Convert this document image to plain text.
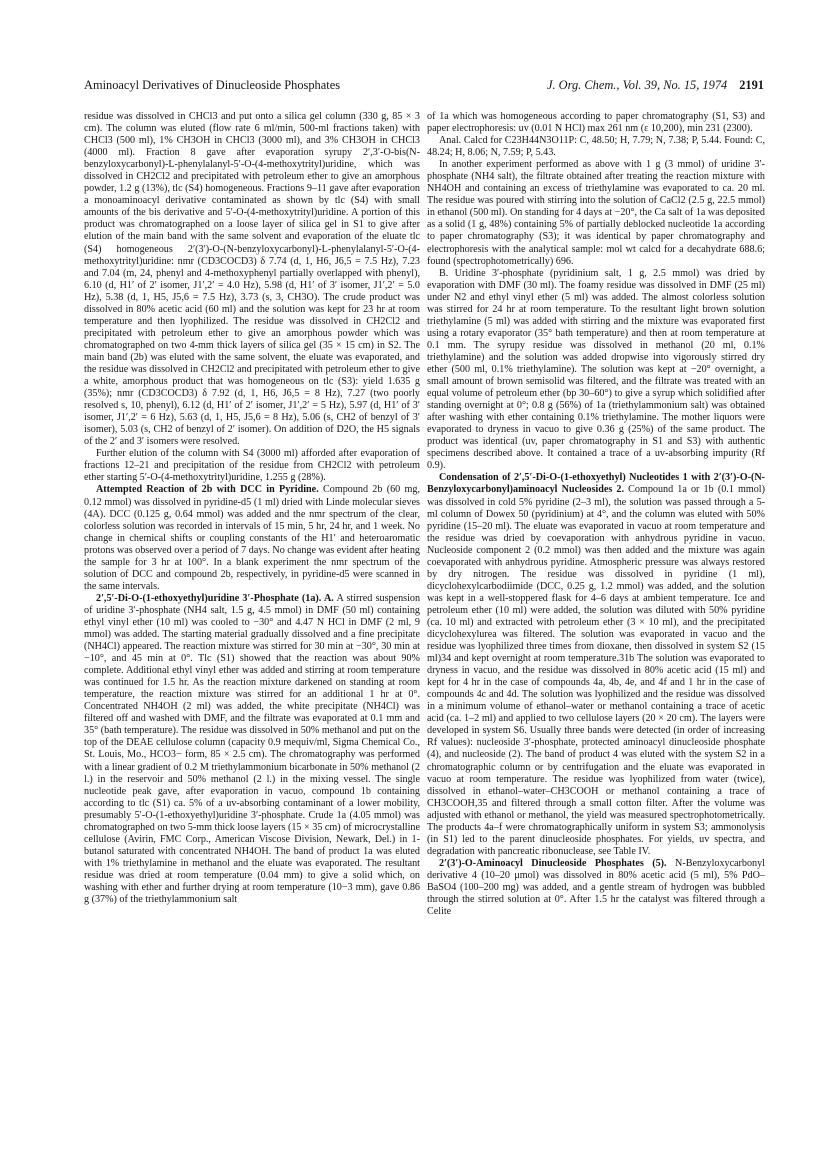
Aminoacyl Derivatives of Dinucleoside Phosphates	J. Org. Chem., Vol. 39, No. 15, 1974 2191

residue was dissolved in CHCl3 and put onto a silica gel column (330 g, 85 × 3 cm). The column was eluted (flow rate 6 ml/min, 500-ml fractions taken) with CHCl3 (500 ml), 1% CH3OH in CHCl3 (3000 ml), and 3% CH3OH in CHCl3 (4000 ml). Fraction 8 gave after evaporation syrupy 2′,3′-O-bis(N-benzyloxycarbonyl)-L-phenylalanyl-5′-O-(4-methoxytrityl)uridine, which was dissolved in CH2Cl2 and precipitated with petroleum ether to give an amorphous powder, 1.2 g (13%), tlc (S4) homogeneous. Fractions 9–11 gave after evaporation a monoaminoacyl derivative contaminated as shown by tlc (S4) with small amounts of the bis derivative and 5′-O-(4-methoxytrityl)uridine. A portion of this product was chromatographed on a loose layer of silica gel in S1 to give after elution of the main band with the same solvent and evaporation of the eluate tlc (S4) homogeneous 2′(3′)-O-(N-benzyloxycarbonyl)-L-phenylalanyl-5′-O-(4-methoxytrityl)uridine: nmr (CD3COCD3) δ 7.74 (d, 1, H6, J6,5 = 7.5 Hz), 7.23 and 7.04 (m, 24, phenyl and 4-methoxyphenyl partially overlapped with phenyl), 6.10 (d, H1′ of 2′ isomer, J1′,2′ = 4.0 Hz), 5.98 (d, H1′ of 3′ isomer, J1′,2′ = 5.0 Hz), 5.38 (d, 1, H5, J5,6 = 7.5 Hz), 3.73 (s, 3, CH3O). The crude product was dissolved in 80% acetic acid (60 ml) and the solution was kept for 23 hr at room temperature and then lyophilized. The residue was dissolved in CH2Cl2 and precipitated with petroleum ether to give an amorphous powder which was chromatographed on two 4-mm thick layers of silica gel (35 × 15 cm) in S2. The main band (2b) was eluted with the same solvent, the eluate was evaporated, and the residue was dissolved in CH2Cl2 and precipitated with petroleum ether to give a white, amorphous product that was homogeneous on tlc (S3): yield 1.635 g (35%); nmr (CD3COCD3) δ 7.92 (d, 1, H6, J6,5 = 8 Hz), 7.27 (two poorly resolved s, 10, phenyl), 6.12 (d, H1′ of 2′ isomer, J1′,2′ = 5 Hz), 5.97 (d, H1′ of 3′ isomer, J1′,2′ = 6 Hz), 5.63 (d, 1, H5, J5,6 = 8 Hz), 5.06 (s, CH2 of benzyl of 3′ isomer), 5.03 (s, CH2 of benzyl of 2′ isomer). On addition of D2O, the H5 signals of the 2′ and 3′ isomers were resolved.

Further elution of the column with S4 (3000 ml) afforded after evaporation of fractions 12–21 and precipitation of the residue from CH2Cl2 with petroleum ether starting 5′-O-(4-methoxytrityl)uridine, 1.255 g (28%).

Attempted Reaction of 2b with DCC in Pyridine. Compound 2b (60 mg, 0.12 mmol) was dissolved in pyridine-d5 (1 ml) dried with Linde molecular sieves (4A). DCC (0.125 g, 0.64 mmol) was added and the nmr spectrum of the clear, colorless solution was recorded in intervals of 15 min, 5 hr, 24 hr, and 1 week. No change in chemical shifts or coupling constants of the H1′ and heteroaromatic protons was observed over a period of 7 days. No change was evident after heating the sample for 3 hr at 100°. In a blank experiment the nmr spectrum of the solution of DCC and compound 2b, respectively, in pyridine-d5 were scanned in the same intervals.

2′,5′-Di-O-(1-ethoxyethyl)uridine 3′-Phosphate (1a). A. A stirred suspension of uridine 3′-phosphate (NH4 salt, 1.5 g, 4.5 mmol) in DMF (50 ml) containing ethyl vinyl ether (10 ml) was cooled to −30° and 4.47 N HCl in DMF (2 ml, 9 mmol) was added. The starting material gradually dissolved and a fine precipitate (NH4Cl) appeared. The reaction mixture was stirred for 30 min at −30°, 30 min at −10°, and 45 min at 0°. Tlc (S1) showed that the reaction was about 90% complete. Additional ethyl vinyl ether was added and stirring at room temperature was continued for 1.5 hr. As the reaction mixture darkened on standing at room temperature, the reaction mixture was stirred for an additional 1 hr at 0°. Concentrated NH4OH (2 ml) was added, the white precipitate (NH4Cl) was filtered off and washed with DMF, and the filtrate was evaporated at 0.1 mm and 35° (bath temperature). The residue was dissolved in 50% methanol and put on the top of the DEAE cellulose column (capacity 0.9 mequiv/ml, Sigma Chemical Co., St. Louis, Mo., HCO3− form, 85 × 2.5 cm). The chromatography was performed with a linear gradient of 0.2 M triethylammonium bicarbonate in 50% methanol (2 l.) in the reservoir and 50% methanol (2 l.) in the mixing vessel. The single nucleotide peak gave, after evaporation in vacuo, compound 1b containing according to tlc (S1) ca. 5% of a uv-absorbing contaminant of a lower mobility, presumably 5′-O-(1-ethoxyethyl)uridine 3′-phosphate. Crude 1a (4.05 mmol) was chromatographed on two 5-mm thick loose layers (15 × 35 cm) of microcrystalline cellulose (Avirin, FMC Corp., American Viscose Division, Newark, Del.) in 1-butanol saturated with concentrated NH4OH. The band of product 1a was eluted with 1% triethylamine in methanol and the eluate was evaporated. The resultant residue was dried at room temperature (0.04 mm) to give a solid which, on washing with ether and further drying at room temperature (10−3 mm), gave 0.86 g (37%) of the triethylammonium salt

of 1a which was homogeneous according to paper chromatography (S1, S3) and paper electrophoresis: uv (0.01 N HCl) max 261 nm (ε 10,200), min 231 (2300).

Anal. Calcd for C23H44N3O11P: C, 48.50; H, 7.79; N, 7.38; P, 5.44. Found: C, 48.24; H, 8.06; N, 7.59; P, 5.43.

In another experiment performed as above with 1 g (3 mmol) of uridine 3′-phosphate (NH4 salt), the filtrate obtained after treating the reaction mixture with NH4OH and containing an excess of triethylamine was evaporated to ca. 20 ml. The residue was poured with stirring into the solution of CaCl2 (2.5 g, 22.5 mmol) in ethanol (500 ml). On standing for 4 days at −20°, the Ca salt of 1a was deposited as a solid (1 g, 48%) containing 5% of partially deblocked nucleotide 1a according to paper chromatography (S3); it was identical by paper chromatography and electrophoresis with the analytical sample: mol wt calcd for a decahydrate 688.6; found (spectrophotometrically) 696.

B. Uridine 3′-phosphate (pyridinium salt, 1 g, 2.5 mmol) was dried by evaporation with DMF (30 ml). The foamy residue was dissolved in DMF (25 ml) under N2 and ethyl vinyl ether (5 ml) was added. The almost colorless solution was stirred for 24 hr at room temperature. To the resultant light brown solution triethylamine (5 ml) was added with stirring and the mixture was evaporated first using a rotary evaporator (35° bath temperature) and then at room temperature at 0.1 mm. The syrupy residue was dissolved in methanol (20 ml, 0.1% triethylamine) and the solution was added dropwise into vigorously stirred dry ether (500 ml, 0.1% triethylamine). The solution was kept at −20° overnight, a small amount of brown semisolid was filtered, and the filtrate was treated with an equal volume of petroleum ether (bp 30–60°) to give a syrup which solidified after standing overnight at 0°; 0.8 g (56%) of 1a (triethylammonium salt) was obtained after washing with ether containing 0.1% triethylamine. The mother liquors were evaporated to dryness in vacuo to give 0.36 g (25%) of the same product. The product was identical (uv, paper chromatography in S1 and S3) with authentic specimens described above. It contained a trace of a uv-absorbing impurity (Rf 0.9).

Condensation of 2′,5′-Di-O-(1-ethoxyethyl) Nucleotides 1 with 2′(3′)-O-(N-Benzyloxycarbonyl)aminoacyl Nucleosides 2. Compound 1a or 1b (0.1 mmol) was dissolved in cold 5% pyridine (2–3 ml), the solution was passed through a 5-ml column of Dowex 50 (pyridinium) at 4°, and the column was eluted with 50% pyridine (15–20 ml). The eluate was evaporated in vacuo at room temperature and the residue was dried by coevaporation with anhydrous pyridine in vacuo. Nucleoside component 2 (0.2 mmol) was then added and the mixture was again coevaporated with anhydrous pyridine. Atmospheric pressure was always restored by dry nitrogen. The residue was dissolved in pyridine (1 ml), dicyclohexylcarbodiimide (DCC, 0.25 g, 1.2 mmol) was added, and the solution was kept in a well-stoppered flask for 4–6 days at ambient temperature. Ice and petroleum ether (10 ml) were added, the solution was diluted with 50% pyridine (ca. 10 ml) and extracted with petroleum ether (3 × 10 ml), and the precipitated dicyclohexylurea was filtered. The solution was evaporated in vacuo and the residue was lyophilized three times from dioxane, then dissolved in system S2 (15 ml)34 and kept overnight at room temperature.31b The solution was evaporated to dryness in vacuo, and the residue was dissolved in 80% acetic acid (15 ml) and kept for 4 hr in the case of compounds 4a, 4b, 4e, and 4f and 1 hr in the case of compounds 4c and 4d. The solution was lyophilized and the residue was dissolved in a minimum volume of ethanol–water or methanol containing a trace of acetic acid (ca. 1–2 ml) and applied to two cellulose layers (20 × 20 cm). The layers were developed in system S6. Usually three bands were detected (in order of increasing Rf values): nucleoside 3′-phosphate, protected aminoacyl dinucleoside phosphate (4), and nucleoside (2). The band of product 4 was eluted with the system S2 in a chromatographic column or by centrifugation and the eluate was evaporated in vacuo at room temperature. The residue was lyophilized from water (twice), dissolved in ethanol–water–CH3COOH or methanol containing a trace of CH3COOH,35 and filtered through a small cotton filter. After the volume was adjusted with ethanol or methanol, the yield was measured spectrophotometrically. The products 4a–f were chromatographically uniform in system S3; ammonolysis (in S1) led to the parent dinucleoside phosphates. For yields, uv spectra, and degradation with pancreatic ribonuclease, see Table IV.

2′(3′)-O-Aminoacyl Dinucleoside Phosphates (5). N-Benzyloxycarbonyl derivative 4 (10–20 μmol) was dissolved in 80% acetic acid (5 ml), 5% PdO–BaSO4 (100–200 mg) was added, and a gentle stream of hydrogen was bubbled through the stirred solution at 0°. After 1.5 hr the catalyst was filtered through a Celite
